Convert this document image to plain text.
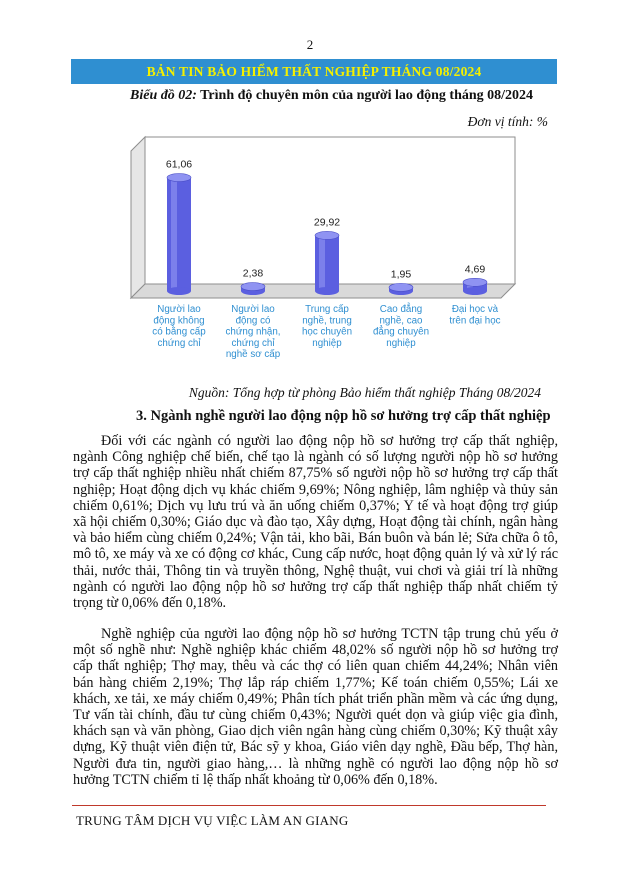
2
BẢN TIN BẢO HIỂM THẤT NGHIỆP THÁNG 08/2024
Biểu đồ 02: Trình độ chuyên môn của người lao động tháng 08/2024
Đơn vị tính: %
61,06
Người lao
động không
có bằng cấp
chứng chỉ
2,38
Người lao
động có
chứng nhận,
chứng chỉ
nghề sơ cấp
29,92
Trung cấp
nghề, trung
học chuyên
nghiệp
1,95
Cao đẳng
nghề, cao
đẳng chuyên
nghiệp
4,69
Đại học và
trên đại học
Nguồn: Tổng hợp từ phòng Bảo hiểm thất nghiệp Tháng 08/2024
3. Ngành nghề người lao động nộp hồ sơ hưởng trợ cấp thất nghiệp
Đối với các ngành có người lao động nộp hồ sơ hưởng trợ cấp thất nghiệp, ngành Công nghiệp chế biến, chế tạo là ngành có số lượng người nộp hồ sơ hưởng trợ cấp thất nghiệp nhiều nhất chiếm 87,75% số người nộp hồ sơ hưởng trợ cấp thất nghiệp; Hoạt động dịch vụ khác chiếm 9,69%; Nông nghiệp, lâm nghiệp và thủy sản chiếm 0,61%; Dịch vụ lưu trú và ăn uống chiếm 0,37%; Y tế và hoạt động trợ giúp xã hội chiếm 0,30%; Giáo dục và đào tạo, Xây dựng, Hoạt động tài chính, ngân hàng và bảo hiểm cùng chiếm 0,24%; Vận tải, kho bãi, Bán buôn và bán lẻ; Sửa chữa ô tô, mô tô, xe máy và xe có động cơ khác, Cung cấp nước, hoạt động quản lý và xử lý rác thải, nước thải, Thông tin và truyền thông, Nghệ thuật, vui chơi và giải trí là những ngành có người lao động nộp hồ sơ hưởng trợ cấp thất nghiệp thấp nhất chiếm tỷ trọng từ 0,06% đến 0,18%.
Nghề nghiệp của người lao động nộp hồ sơ hưởng TCTN tập trung chủ yếu ở một số nghề như: Nghề nghiệp khác chiếm 48,02% số người nộp hồ sơ hưởng trợ cấp thất nghiệp; Thợ may, thêu và các thợ có liên quan chiếm 44,24%; Nhân viên bán hàng chiếm 2,19%; Thợ lắp ráp chiếm 1,77%; Kế toán chiếm 0,55%; Lái xe khách, xe tải, xe máy chiếm 0,49%; Phân tích phát triển phần mềm và các ứng dụng, Tư vấn tài chính, đầu tư cùng chiếm 0,43%; Người quét dọn và giúp việc gia đình, khách sạn và văn phòng, Giao dịch viên ngân hàng cùng chiếm 0,30%; Kỹ thuật xây dựng, Kỹ thuật viên điện tử, Bác sỹ y khoa, Giáo viên dạy nghề, Đầu bếp, Thợ hàn, Người đưa tin, người giao hàng,… là những nghề có người lao động nộp hồ sơ hưởng TCTN chiếm tỉ lệ thấp nhất khoảng từ 0,06% đến 0,18%.
TRUNG TÂM DỊCH VỤ VIỆC LÀM AN GIANG
